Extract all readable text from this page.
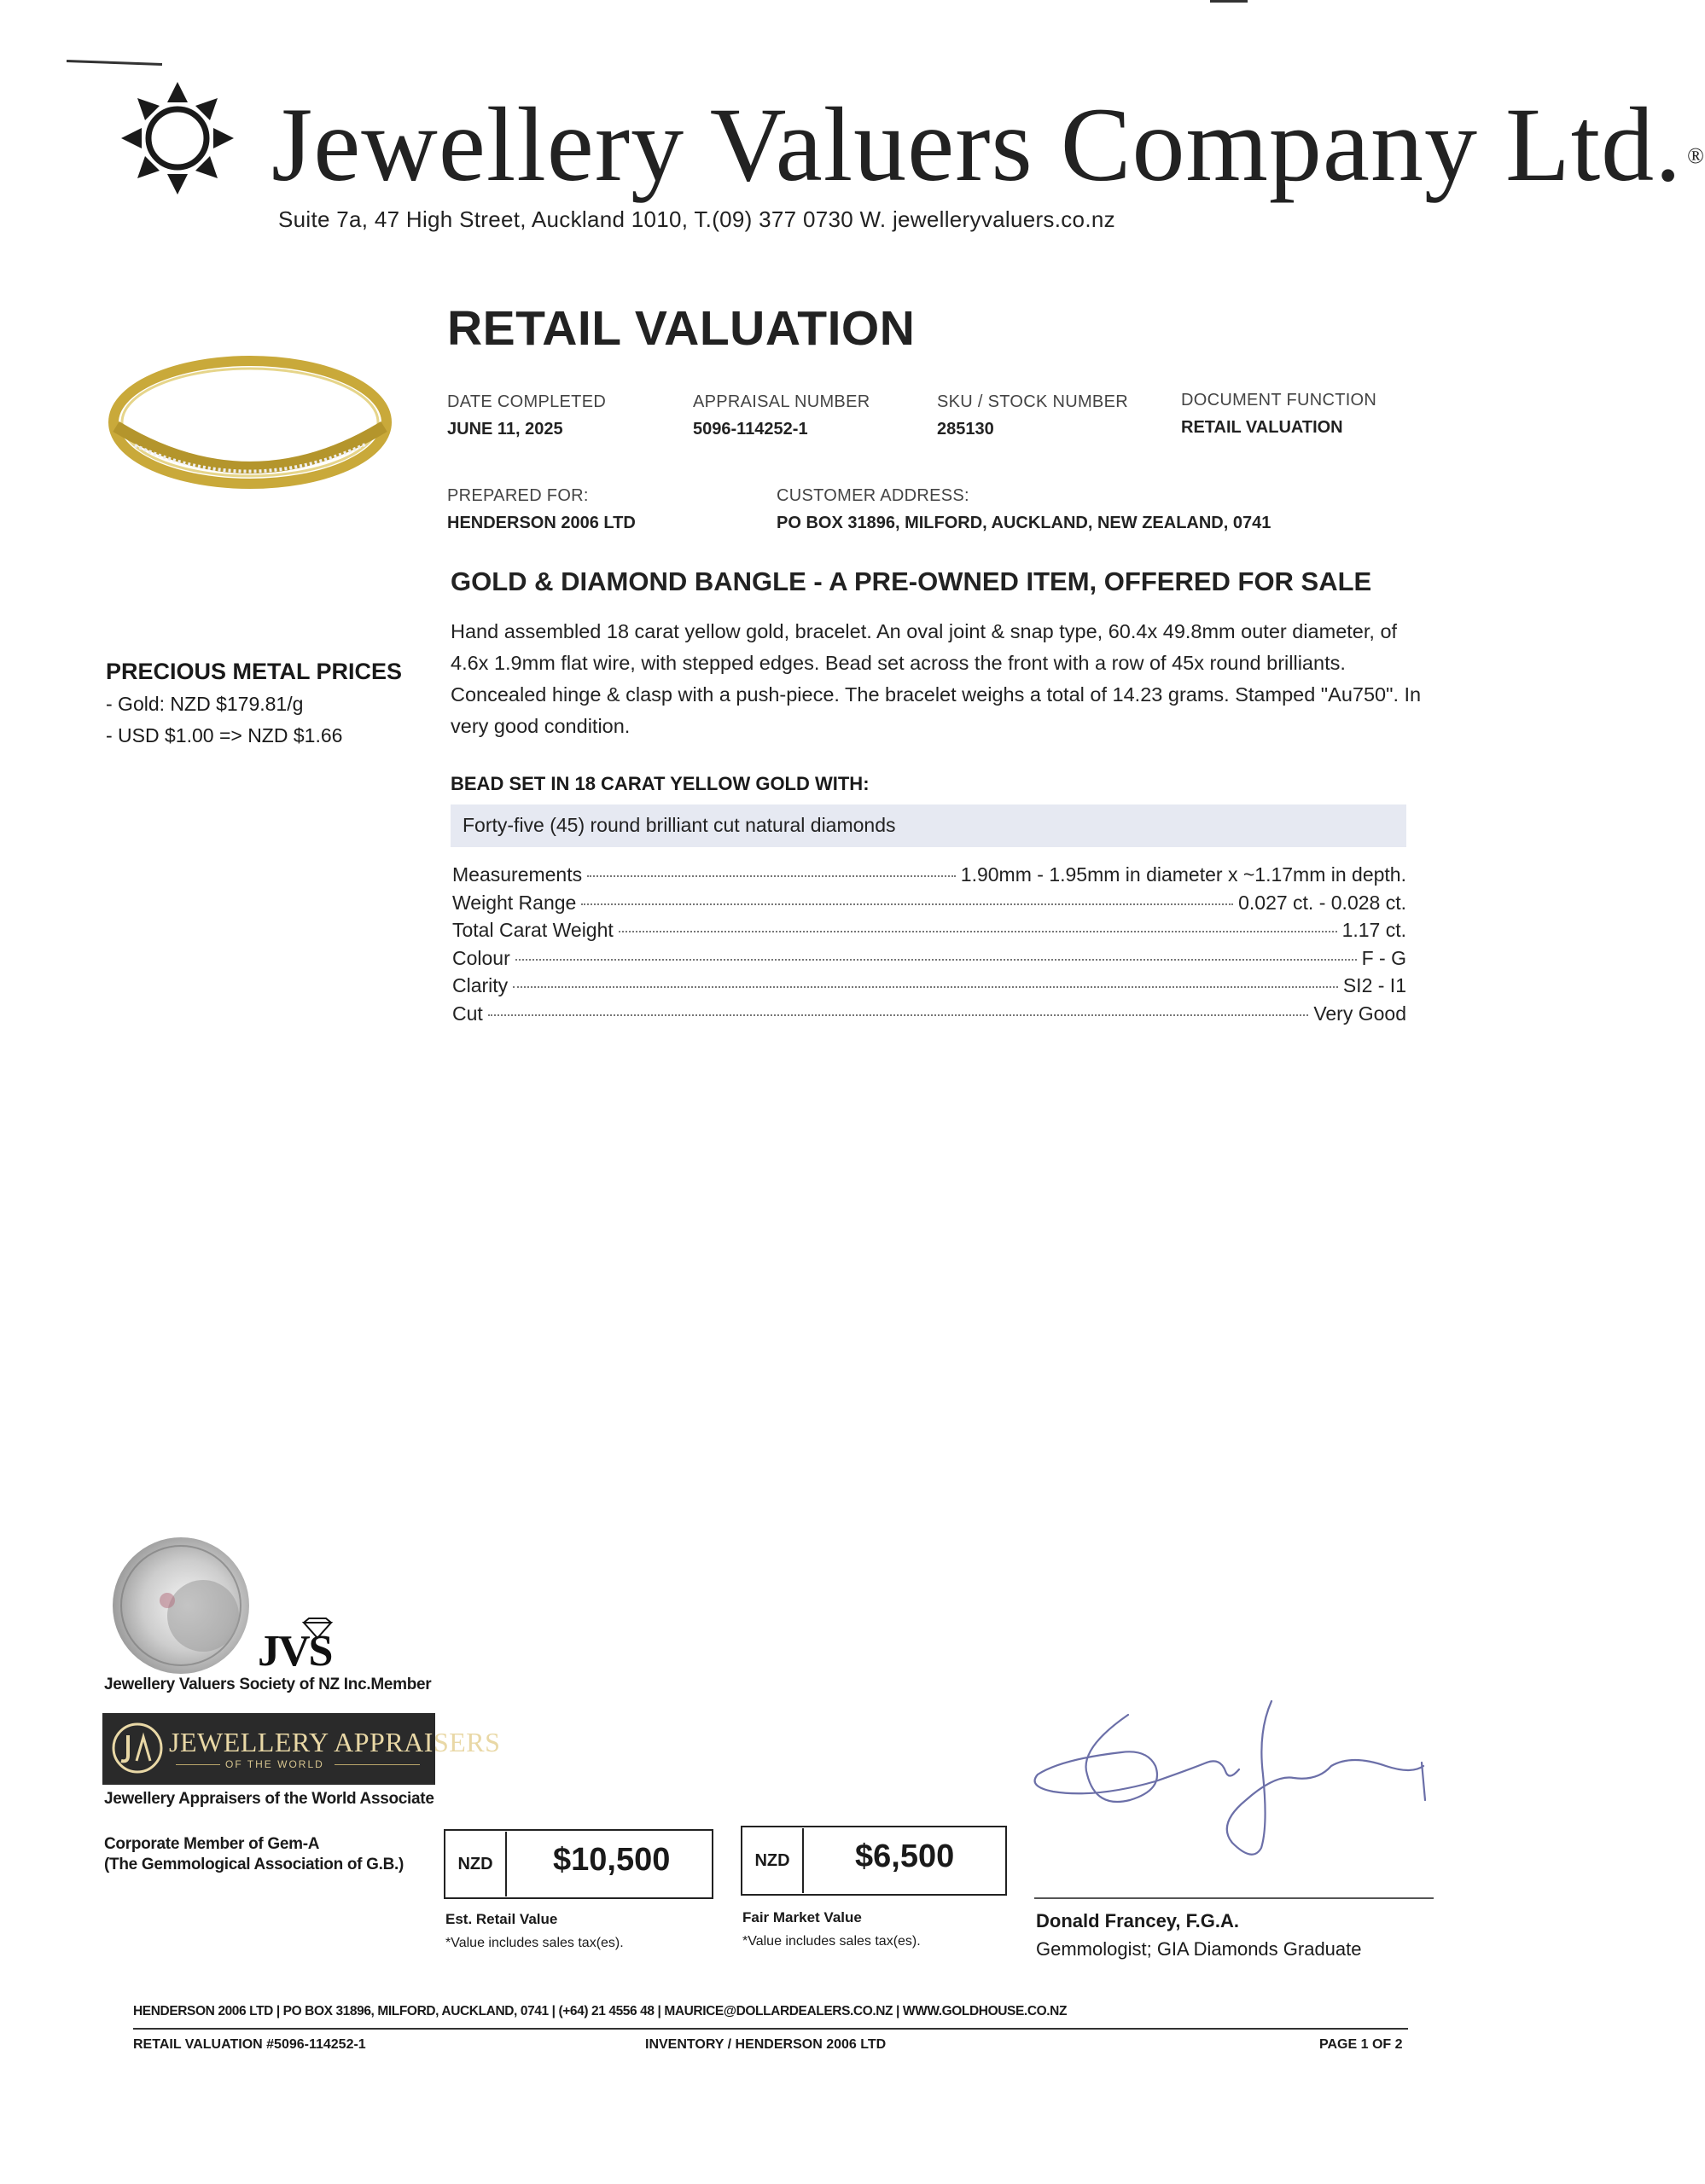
Jewellery Valuers Company Ltd. ®
Suite 7a, 47 High Street, Auckland 1010, T.(09) 377 0730 W. jewelleryvaluers.co.nz
PRECIOUS METAL PRICES
- Gold: NZD $179.81/g
- USD $1.00 => NZD $1.66
RETAIL VALUATION
DATE COMPLETED
JUNE 11, 2025
APPRAISAL NUMBER
5096-114252-1
SKU / STOCK NUMBER
285130
DOCUMENT FUNCTION
RETAIL VALUATION
PREPARED FOR:
HENDERSON 2006 LTD
CUSTOMER ADDRESS:
PO BOX 31896, MILFORD, AUCKLAND, NEW ZEALAND, 0741
GOLD & DIAMOND BANGLE - A PRE-OWNED ITEM, OFFERED FOR SALE
Hand assembled 18 carat yellow gold, bracelet. An oval joint & snap type, 60.4x 49.8mm outer diameter, of
4.6x 1.9mm flat wire, with stepped edges. Bead set across the front with a row of 45x round brilliants.
Concealed hinge & clasp with a push-piece. The bracelet weighs a total of 14.23 grams. Stamped "Au750". In
very good condition.
BEAD SET IN 18 CARAT YELLOW GOLD WITH:
Forty-five (45) round brilliant cut natural diamonds
Measurements	1.90mm - 1.95mm in diameter x ~1.17mm in depth.
Weight Range	0.027 ct. - 0.028 ct.
Total Carat Weight	1.17 ct.
Colour	F - G
Clarity	SI2 - I1
Cut	Very Good
JVS
Jewellery Valuers Society of NZ Inc.Member
JEWELLERY APPRAISERS
OF THE WORLD
Jewellery Appraisers of the World Associate
Corporate Member of Gem-A
(The Gemmological Association of G.B.)	NZD	$10,500
Est. Retail Value
*Value includes sales tax(es).
NZD	$6,500
Fair Market Value
*Value includes sales tax(es).
Donald Francey, F.G.A.
Gemmologist; GIA Diamonds Graduate
HENDERSON 2006 LTD | PO BOX 31896, MILFORD, AUCKLAND, 0741 | (+64) 21 4556 48 | MAURICE@DOLLARDEALERS.CO.NZ | WWW.GOLDHOUSE.CO.NZ
RETAIL VALUATION #5096-114252-1	INVENTORY / HENDERSON 2006 LTD	PAGE 1 OF 2
